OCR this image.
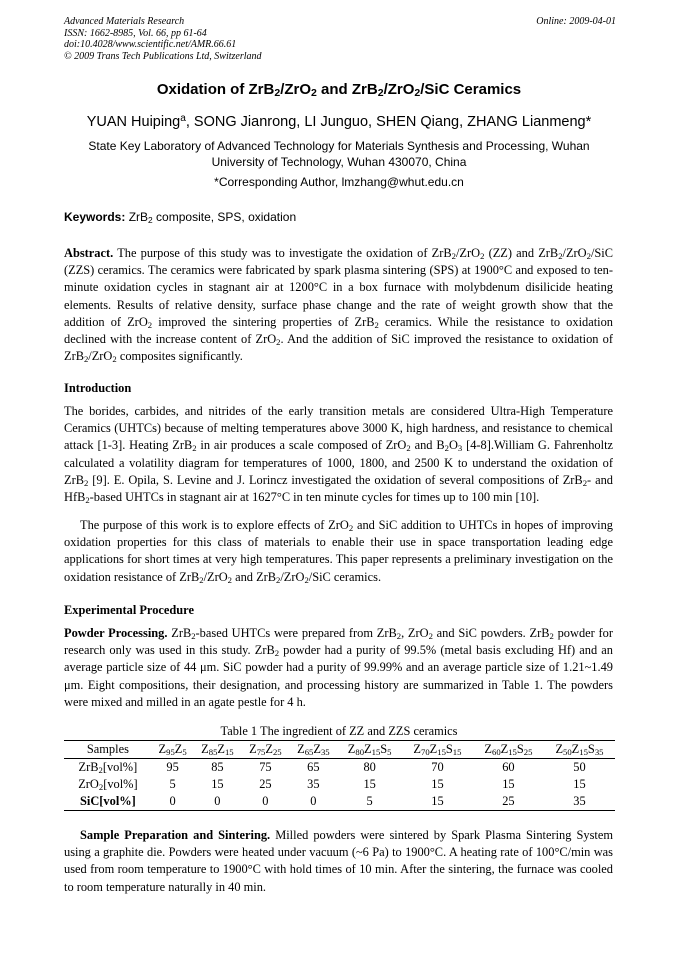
Advanced Materials Research
ISSN: 1662-8985, Vol. 66, pp 61-64
doi:10.4028/www.scientific.net/AMR.66.61
© 2009 Trans Tech Publications Ltd, Switzerland
Online: 2009-04-01
Oxidation of ZrB$_2$/ZrO$_2$ and ZrB$_2$/ZrO$_2$/SiC Ceramics
YUAN Huiping$^a$, SONG Jianrong, LI Junguo, SHEN Qiang, ZHANG Lianmeng*
State Key Laboratory of Advanced Technology for Materials Synthesis and Processing, Wuhan University of Technology, Wuhan 430070, China
*Corresponding Author, lmzhang@whut.edu.cn
Keywords: ZrB$_2$ composite, SPS, oxidation
Abstract. The purpose of this study was to investigate the oxidation of ZrB$_2$/ZrO$_2$ (ZZ) and ZrB$_2$/ZrO$_2$/SiC (ZZS) ceramics. The ceramics were fabricated by spark plasma sintering (SPS) at 1900°C and exposed to ten-minute oxidation cycles in stagnant air at 1200°C in a box furnace with molybdenum disilicide heating elements. Results of relative density, surface phase change and the rate of weight growth show that the addition of ZrO$_2$ improved the sintering properties of ZrB$_2$ ceramics. While the resistance to oxidation declined with the increase content of ZrO$_2$. And the addition of SiC improved the resistance to oxidation of ZrB$_2$/ZrO$_2$ composites significantly.
Introduction
The borides, carbides, and nitrides of the early transition metals are considered Ultra-High Temperature Ceramics (UHTCs) because of melting temperatures above 3000 K, high hardness, and resistance to chemical attack [1-3]. Heating ZrB$_2$ in air produces a scale composed of ZrO$_2$ and $B_2O_3$ [4-8].William G. Fahrenholtz calculated a volatility diagram for temperatures of 1000, 1800, and 2500 K to understand the oxidation of ZrB$_2$ [9]. E. Opila, S. Levine and J. Lorincz investigated the oxidation of several compositions of ZrB$_2$- and HfB$_2$-based UHTCs in stagnant air at 1627°C in ten minute cycles for times up to 100 min [10].
The purpose of this work is to explore effects of ZrO$_2$ and SiC addition to UHTCs in hopes of improving oxidation properties for this class of materials to enable their use in space transportation leading edge applications for short times at very high temperatures. This paper represents a preliminary investigation on the oxidation resistance of ZrB$_2$/ZrO$_2$ and ZrB$_2$/ZrO$_2$/SiC ceramics.
Experimental Procedure
Powder Processing. ZrB$_2$-based UHTCs were prepared from ZrB$_2$, ZrO$_2$ and SiC powders. ZrB$_2$ powder for research only was used in this study. ZrB$_2$ powder had a purity of 99.5% (metal basis excluding Hf) and an average particle size of 44 μm. SiC powder had a purity of 99.99% and an average particle size of 1.21~1.49 μm. Eight compositions, their designation, and processing history are summarized in Table 1. The powders were mixed and milled in an agate pestle for 4 h.
Table 1 The ingredient of ZZ and ZZS ceramics
Samples	$Z_{95}Z_5$	$Z_{85}Z_{15}$	$Z_{75}Z_{25}$	$Z_{65}Z_{35}$	$Z_{80}Z_{15}S_5$	$Z_{70}Z_{15}S_{15}$	$Z_{60}Z_{15}S_{25}$	$Z_{50}Z_{15}S_{35}$
ZrB$_2$[vol%]	95	85	75	65	80	70	60	50
ZrO$_2$[vol%]	5	15	25	35	15	15	15	15
SiC[vol%]	0	0	0	0	5	15	25	35
Sample Preparation and Sintering. Milled powders were sintered by Spark Plasma Sintering System using a graphite die. Powders were heated under vacuum (~6 Pa) to 1900°C. A heating rate of 100°C/min was used from room temperature to 1900°C with hold times of 10 min. After the sintering, the furnace was cooled to room temperature naturally in 40 min.
